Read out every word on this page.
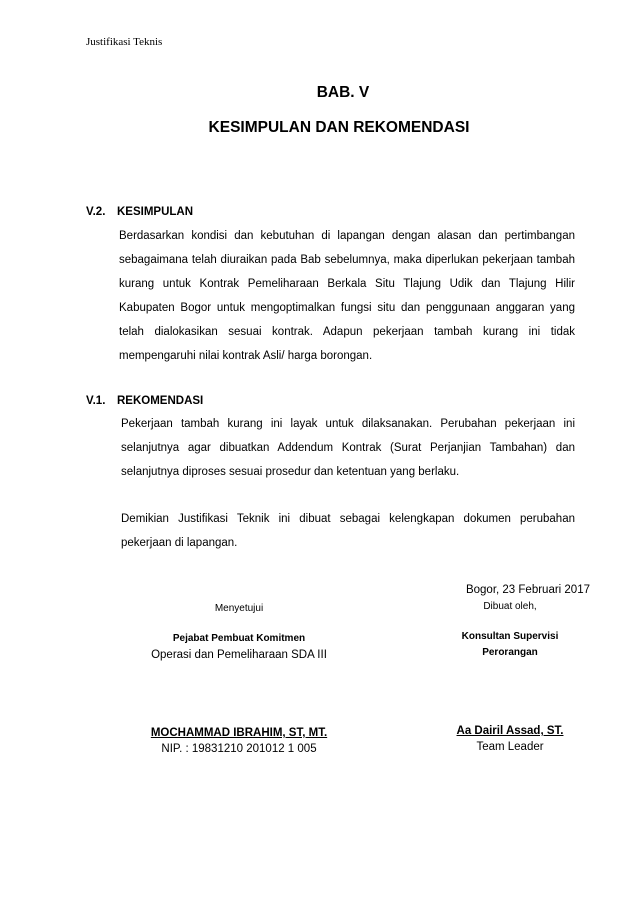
Justifikasi Teknis
BAB. V
KESIMPULAN DAN REKOMENDASI
V.2. KESIMPULAN
Berdasarkan kondisi dan kebutuhan di lapangan dengan alasan dan pertimbangan sebagaimana telah diuraikan pada Bab sebelumnya, maka diperlukan pekerjaan tambah kurang untuk Kontrak Pemeliharaan Berkala Situ Tlajung Udik dan Tlajung Hilir Kabupaten Bogor untuk mengoptimalkan fungsi situ dan penggunaan anggaran yang telah dialokasikan sesuai kontrak. Adapun pekerjaan tambah kurang ini tidak mempengaruhi nilai kontrak Asli/ harga borongan.
V.1. REKOMENDASI
Pekerjaan tambah kurang ini layak untuk dilaksanakan. Perubahan pekerjaan ini selanjutnya agar dibuatkan Addendum Kontrak (Surat Perjanjian Tambahan) dan selanjutnya diproses sesuai prosedur dan ketentuan yang berlaku.
Demikian Justifikasi Teknik ini dibuat sebagai kelengkapan dokumen perubahan pekerjaan di lapangan.
Bogor, 23 Februari 2017
Menyetujui
Pejabat Pembuat Komitmen
Operasi dan Pemeliharaan SDA III
MOCHAMMAD IBRAHIM, ST, MT.
NIP. : 19831210 201012 1 005
Dibuat oleh,
Konsultan Supervisi
Perorangan
Aa Dairil Assad, ST.
Team Leader
